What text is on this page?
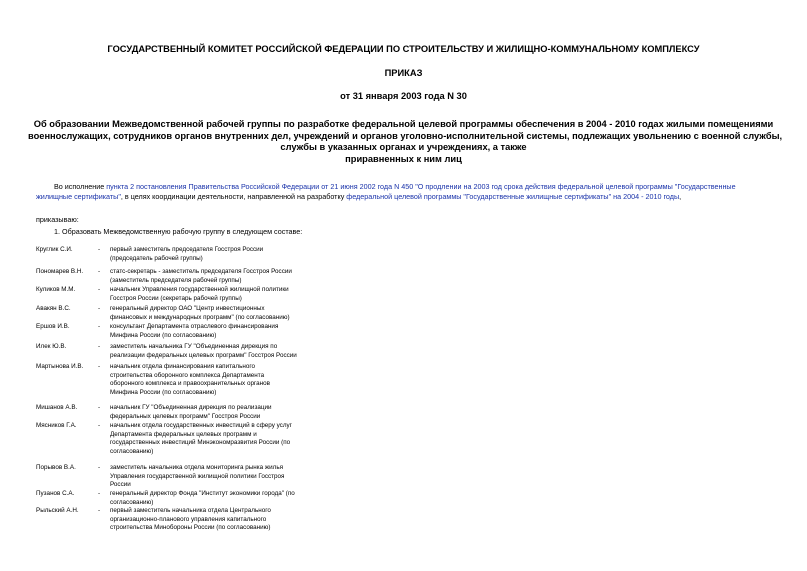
ГОСУДАРСТВЕННЫЙ КОМИТЕТ РОССИЙСКОЙ ФЕДЕРАЦИИ ПО СТРОИТЕЛЬСТВУ И ЖИЛИЩНО-КОММУНАЛЬНОМУ КОМПЛЕКСУ
ПРИКАЗ
от 31 января 2003 года N 30
Об образовании Межведомственной рабочей группы по разработке федеральной целевой программы обеспечения в 2004 - 2010 годах жилыми помещениями
военнослужащих, сотрудников органов внутренних дел, учреждений и органов уголовно-исполнительной системы, подлежащих увольнению с военной службы,
службы в указанных органах и учреждениях, а также
приравненных к ним лиц
Во исполнение пункта 2 постановления Правительства Российской Федерации от 21 июня 2002 года N 450 "О продлении на 2003 год срока действия федеральной целевой программы "Государственные
жилищные сертификаты", в целях координации деятельности, направленной на разработку федеральной целевой программы "Государственные жилищные сертификаты" на 2004 - 2010 годы,
приказываю:
1. Образовать Межведомственную рабочую группу в следующем составе:
Круглик С.И.	- первый заместитель председателя Госстроя России
(председатель рабочей группы)
Пономарев В.Н. - статс-секретарь - заместитель председателя Госстроя России
(заместитель председателя рабочей группы)
Куликов М.М.	- начальник Управления государственной жилищной политики
Госстроя России (секретарь рабочей группы)
Авакян В.С.	- генеральный директор ОАО "Центр инвестиционных
финансовых и международных программ" (по согласованию)
Ершов И.В.	- консультант Департамента отраслевого финансирования
Минфина России (по согласованию)
Илек Ю.В.	- заместитель начальника ГУ "Объединенная дирекция по
реализации федеральных целевых программ" Госстроя России
Мартынова И.В. - начальник отдела финансирования капитального
строительства оборонного комплекса Департамента
оборонного комплекса и правоохранительных органов
Минфина России (по согласованию)
Мишанов А.В.	- начальник ГУ "Объединенная дирекция по реализации
федеральных целевых программ" Госстроя России
Мясников Г.А.	- начальник отдела государственных инвестиций в сферу услуг
Департамента федеральных целевых программ и
государственных инвестиций Минэкономразвития России (по
согласованию)
Порывов В.А.	- заместитель начальника отдела мониторинга рынка жилья
Управления государственной жилищной политики Госстроя
России
Пузанов С.А.	- генеральный директор Фонда "Институт экономики города" (по
согласованию)
Рыльский А.Н.	- первый заместитель начальника отдела Центрального
организационно-планового управления капитального
строительства Минобороны России (по согласованию)
